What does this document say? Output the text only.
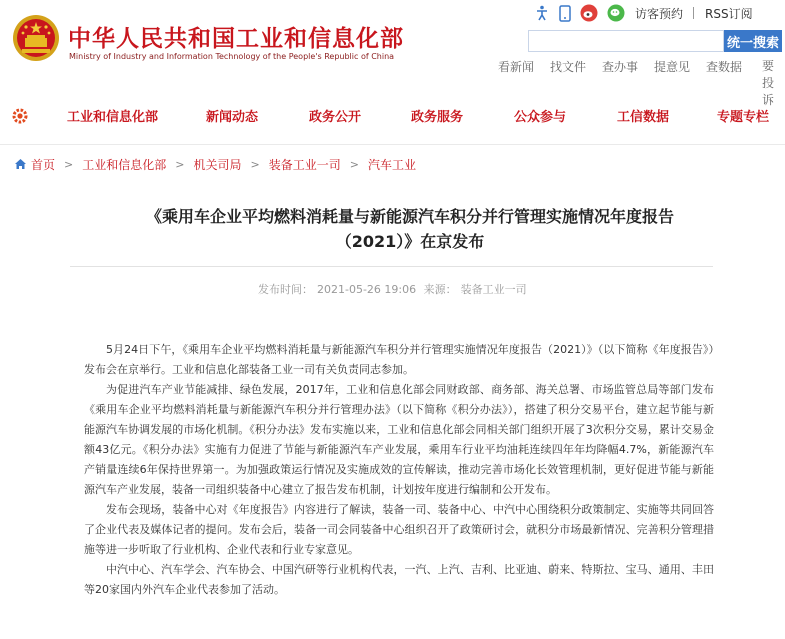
中华人民共和国工业和信息化部
Ministry of Industry and Information Technology of the People's Republic of China
访客预约 RSS订阅
统一搜索
看新闻 找文件 查办事 提意见 查数据 要投诉
工业和信息化部	新闻动态	政务公开	政务服务	公众参与	工信数据	专题专栏
首页 > 工业和信息化部 > 机关司局 > 装备工业一司 > 汽车工业
《乘用车企业平均燃料消耗量与新能源汽车积分并行管理实施情况年度报告
（2021）》在京发布
发布时间： 2021-05-26 19:06 来源： 装备工业一司

5月24日下午，《乘用车企业平均燃料消耗量与新能源汽车积分并行管理实施情况年度报告（2021）》（以下简称《年度报告》）发布会在京举行。工业和信息化部装备工业一司有关负责同志参加。

为促进汽车产业节能减排、绿色发展，2017年，工业和信息化部会同财政部、商务部、海关总署、市场监管总局等部门发布《乘用车企业平均燃料消耗量与新能源汽车积分并行管理办法》（以下简称《积分办法》），搭建了积分交易平台，建立起节能与新能源汽车协调发展的市场化机制。《积分办法》发布实施以来，工业和信息化部会同相关部门组织开展了3次积分交易，累计交易金额43亿元。《积分办法》实施有力促进了节能与新能源汽车产业发展，乘用车行业平均油耗连续四年年均降幅4.7%，新能源汽车产销量连续6年保持世界第一。为加强政策运行情况及实施成效的宣传解读，推动完善市场化长效管理机制，更好促进节能与新能源汽车产业发展，装备一司组织装备中心建立了报告发布机制，计划按年度进行编制和公开发布。

发布会现场，装备中心对《年度报告》内容进行了解读，装备一司、装备中心、中汽中心围绕积分政策制定、实施等共同回答了企业代表及媒体记者的提问。发布会后，装备一司会同装备中心组织召开了政策研讨会，就积分市场最新情况、完善积分管理措施等进一步听取了行业机构、企业代表和行业专家意见。

中汽中心、汽车学会、汽车协会、中国汽研等行业机构代表，一汽、上汽、吉利、比亚迪、蔚来、特斯拉、宝马、通用、丰田等20家国内外汽车企业代表参加了活动。
